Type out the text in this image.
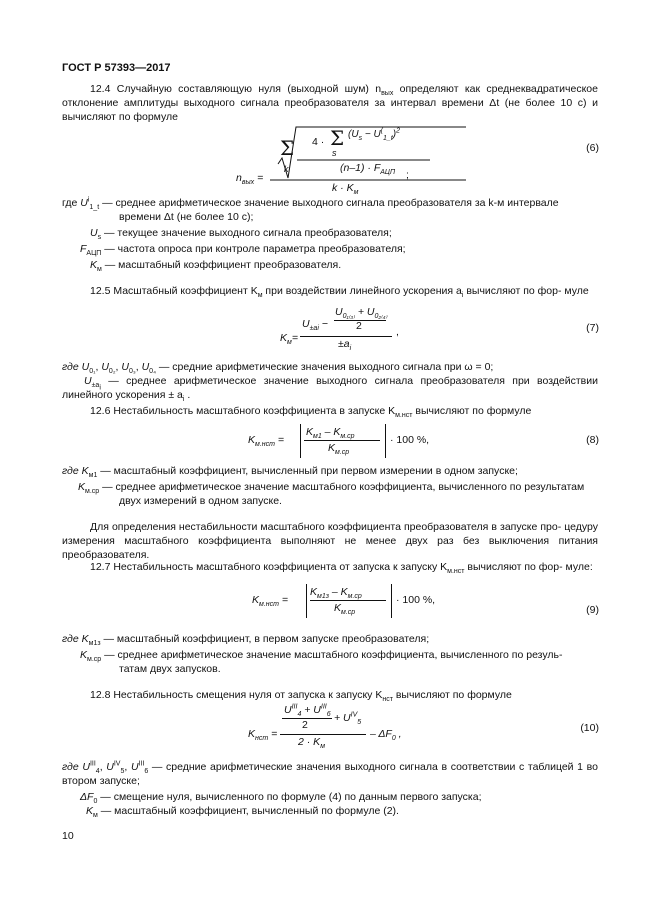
ГОСТ Р 57393—2017
12.4 Случайную составляющую нуля (выходной шум) $n_{вых}$ определяют как среднеквадратическое отклонение амплитуды выходного сигнала преобразователя за интервал времени Δt (не более 10 с) и вычисляют по формуле
Σ
k
4 · Σ
s
$(U_s - U^(_{1\_t})^2$
$(n-1) \cdot F_{АЦП}$
$k \cdot K_м$
$n_{вых}$ =	;
(6)
где $U^i_{1\_t}$ — среднее арифметическое значение выходного сигнала преобразователя за k-м интервале
времени Δt (не более 10 с);
$U_s$ — текущее значение выходного сигнала преобразователя;
$F_{АЦП}$ — частота опроса при контроле параметра преобразователя;
$K_м$ — масштабный коэффициент преобразователя.
12.5 Масштабный коэффициент $K_м$ при воздействии линейного ускорения $a_i$ вычисляют по фор- муле
$K_м=$
$U_{\pm ai}$ −
$U_{0_{1(3)}} + U_{0_{2(4)}}$
2
$\pm a_i$
,	(7)
где $U_{0_1}$, $U_{0_2}$, $U_{0_3}$, $U_{0_4}$ — средние арифметические значения выходного сигнала при ω = 0;
$U_{\pm a_i}$ — среднее арифметическое значение выходного сигнала преобразователя при воздействии линейного ускорения ± $a_i$ .
12.6 Нестабильность масштабного коэффициента в запуске $K_{м.нст}$ вычисляют по формуле
$K_{м.нст}$ =
$K_{м1} - K_{м.ср}$
$K_{м.ср}$
· 100 %,	(8)
где $K_{м1}$ — масштабный коэффициент, вычисленный при первом измерении в одном запуске;
$K_{м.ср}$ — среднее арифметическое значение масштабного коэффициента, вычисленного по результатам
двух измерений в одном запуске.
Для определения нестабильности масштабного коэффициента преобразователя в запуске про- цедуру измерения масштабного коэффициента выполняют не менее двух раз без выключения питания преобразователя.
12.7 Нестабильность масштабного коэффициента от запуска к запуску $K_{м.нст}$ вычисляют по фор- муле:
$K_{м.нст}$ =
$K_{м1з} - K_{м.ср}$
$K_{м.ср}$
· 100 %,
(9)
где $K_{м1з}$ — масштабный коэффициент, в первом запуске преобразователя;
$K_{м.ср}$ — среднее арифметическое значение масштабного коэффициента, вычисленного по резуль-
татам двух запусков.
12.8 Нестабильность смещения нуля от запуска к запуску $K_{нст}$ вычисляют по формуле
$K_{нст}$ =
$U^{III}_4 + U^{III}_6$
2
+ $U^{IV}_5$
$2 \cdot K_м$
– $\Delta F_0$ ,	(10)
где $U^{III}_4$, $U^{IV}_5$, $U^{III}_6$ — средние арифметические значения выходного сигнала в соответствии с таблицей 1 во втором запуске;
$\Delta F_0$ — смещение нуля, вычисленного по формуле (4) по данным первого запуска;
$K_м$ — масштабный коэффициент, вычисленный по формуле (2).
10
